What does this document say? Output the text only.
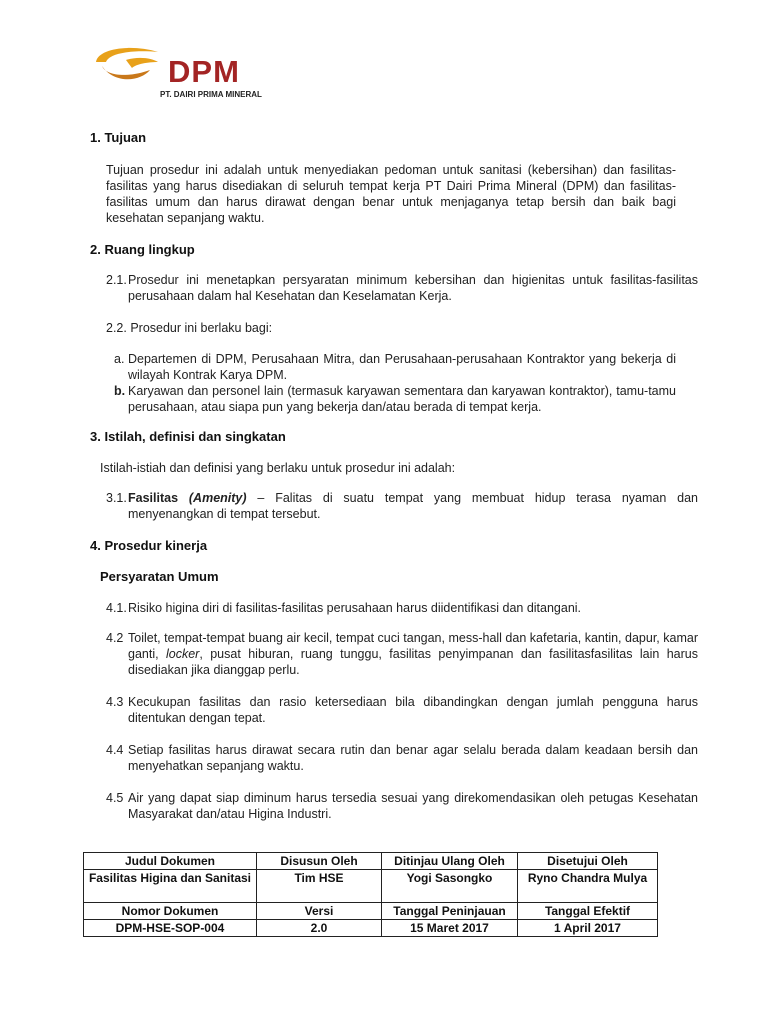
DPM
PT. DAIRI PRIMA MINERAL
1. Tujuan

Tujuan prosedur ini adalah untuk menyediakan pedoman untuk sanitasi (kebersihan) dan fasilitas-fasilitas yang harus disediakan di seluruh tempat kerja PT Dairi Prima Mineral (DPM) dan fasilitas-fasilitas umum dan harus dirawat dengan benar untuk menjaganya tetap bersih dan baik bagi kesehatan sepanjang waktu.

2. Ruang lingkup

2.1.Prosedur ini menetapkan persyaratan minimum kebersihan dan higienitas untuk fasilitas-fasilitas perusahaan dalam hal Kesehatan dan Keselamatan Kerja.

2.2. Prosedur ini berlaku bagi:

a. Departemen di DPM, Perusahaan Mitra, dan Perusahaan-perusahaan Kontraktor yang bekerja di wilayah Kontrak Karya DPM.

b. Karyawan dan personel lain (termasuk karyawan sementara dan karyawan kontraktor), tamu-tamu perusahaan, atau siapa pun yang bekerja dan/atau berada di tempat kerja.

3. Istilah, definisi dan singkatan

Istilah-istiah dan definisi yang berlaku untuk prosedur ini adalah:

3.1.Fasilitas (Amenity) – Falitas di suatu tempat yang membuat hidup terasa nyaman dan menyenangkan di tempat tersebut.

4. Prosedur kinerja
Persyaratan Umum

4.1.Risiko higina diri di fasilitas-fasilitas perusahaan harus diidentifikasi dan ditangani.

4.2 Toilet, tempat-tempat buang air kecil, tempat cuci tangan, mess-hall dan kafetaria, kantin, dapur, kamar ganti, locker, pusat hiburan, ruang tunggu, fasilitas penyimpanan dan fasilitasfasilitas lain harus disediakan jika dianggap perlu.

4.3 Kecukupan fasilitas dan rasio ketersediaan bila dibandingkan dengan jumlah pengguna harus ditentukan dengan tepat.

4.4 Setiap fasilitas harus dirawat secara rutin dan benar agar selalu berada dalam keadaan bersih dan menyehatkan sepanjang waktu.

4.5 Air yang dapat siap diminum harus tersedia sesuai yang direkomendasikan oleh petugas Kesehatan Masyarakat dan/atau Higina Industri.

Judul Dokumen	Disusun Oleh	Ditinjau Ulang Oleh	Disetujui Oleh
Fasilitas Higina dan Sanitasi	Tim HSE	Yogi Sasongko	Ryno Chandra Mulya
Nomor Dokumen	Versi	Tanggal Peninjauan	Tanggal Efektif
DPM-HSE-SOP-004	2.0	15 Maret 2017	1 April 2017
